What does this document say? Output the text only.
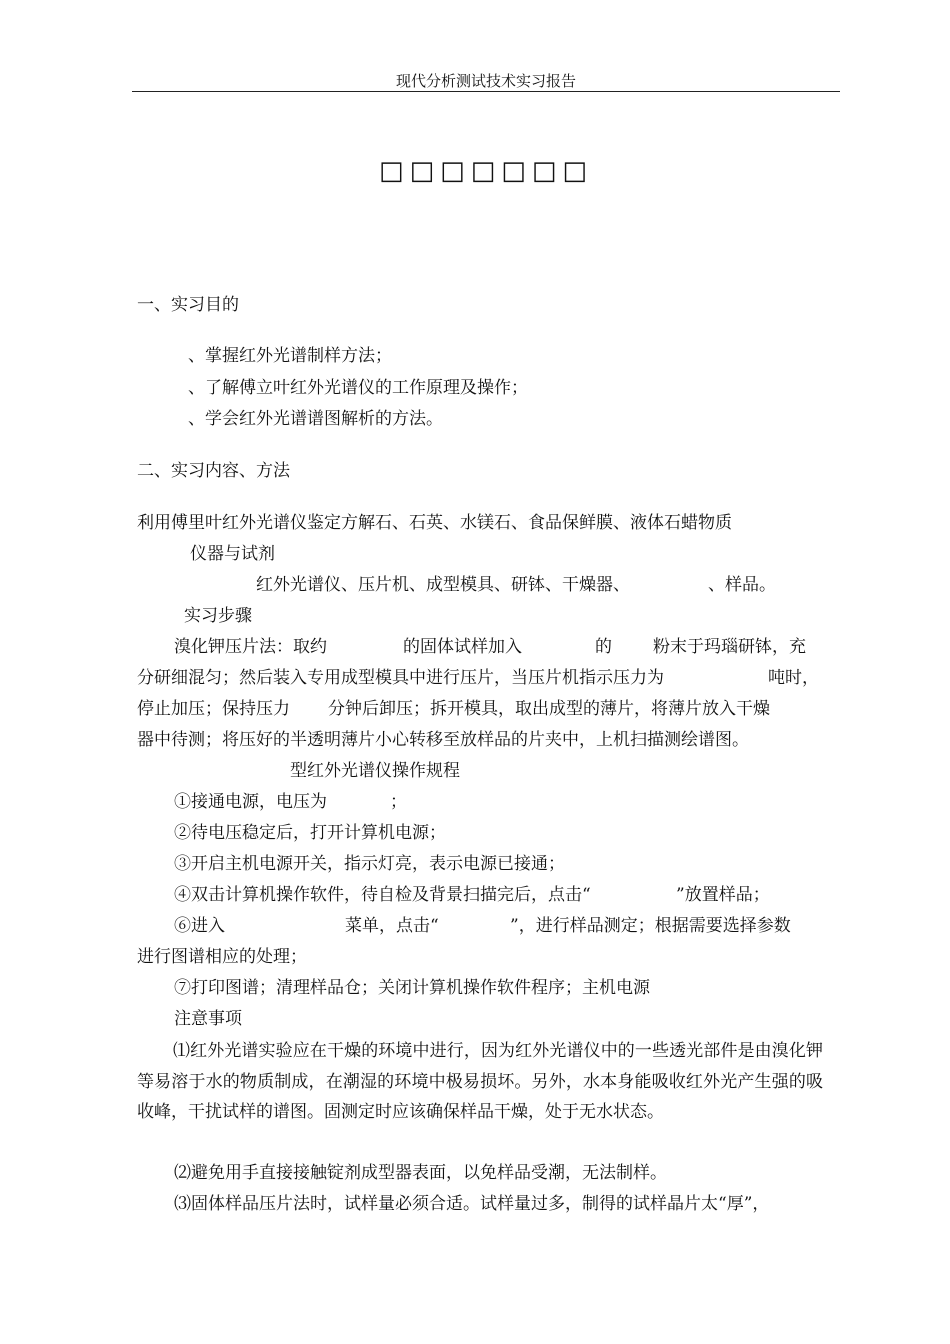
现代分析测试技术实习报告
□□□□□□□
一、实习目的
、掌握红外光谱制样方法；
、了解傅立叶红外光谱仪的工作原理及操作；
、学会红外光谱谱图解析的方法。
二、实习内容、方法
利用傅里叶红外光谱仪鉴定方解石、石英、水镁石、食品保鲜膜、液体石蜡物质
仪器与试剂
红外光谱仪、压片机、成型模具、研钵、干燥器、	、样品。
实习步骤
溴化钾压片法：取约	的固体试样加入	的 粉末于玛瑙研钵，充
分研细混匀；然后装入专用成型模具中进行压片，当压片机指示压力为	吨时，
停止加压；保持压力 分钟后卸压；拆开模具，取出成型的薄片，将薄片放入干燥
器中待测；将压好的半透明薄片小心转移至放样品的片夹中，上机扫描测绘谱图。
型红外光谱仪操作规程
①接通电源，电压为	；
②待电压稳定后，打开计算机电源；
③开启主机电源开关，指示灯亮，表示电源已接通；
④双击计算机操作软件，待自检及背景扫描完后，点击“	”放置样品；
⑥进入	菜单，点击“	”，进行样品测定；根据需要选择参数
进行图谱相应的处理；
⑦打印图谱；清理样品仓；关闭计算机操作软件程序；主机电源
注意事项
⑴红外光谱实验应在干燥的环境中进行，因为红外光谱仪中的一些透光部件是由溴化钾等易溶于水的物质制成，在潮湿的环境中极易损坏。另外，水本身能吸收红外光产生强的吸收峰，干扰试样的谱图。固测定时应该确保样品干燥，处于无水状态。
⑵避免用手直接接触锭剂成型器表面，以免样品受潮，无法制样。
⑶固体样品压片法时，试样量必须合适。试样量过多，制得的试样晶片太“厚”，
